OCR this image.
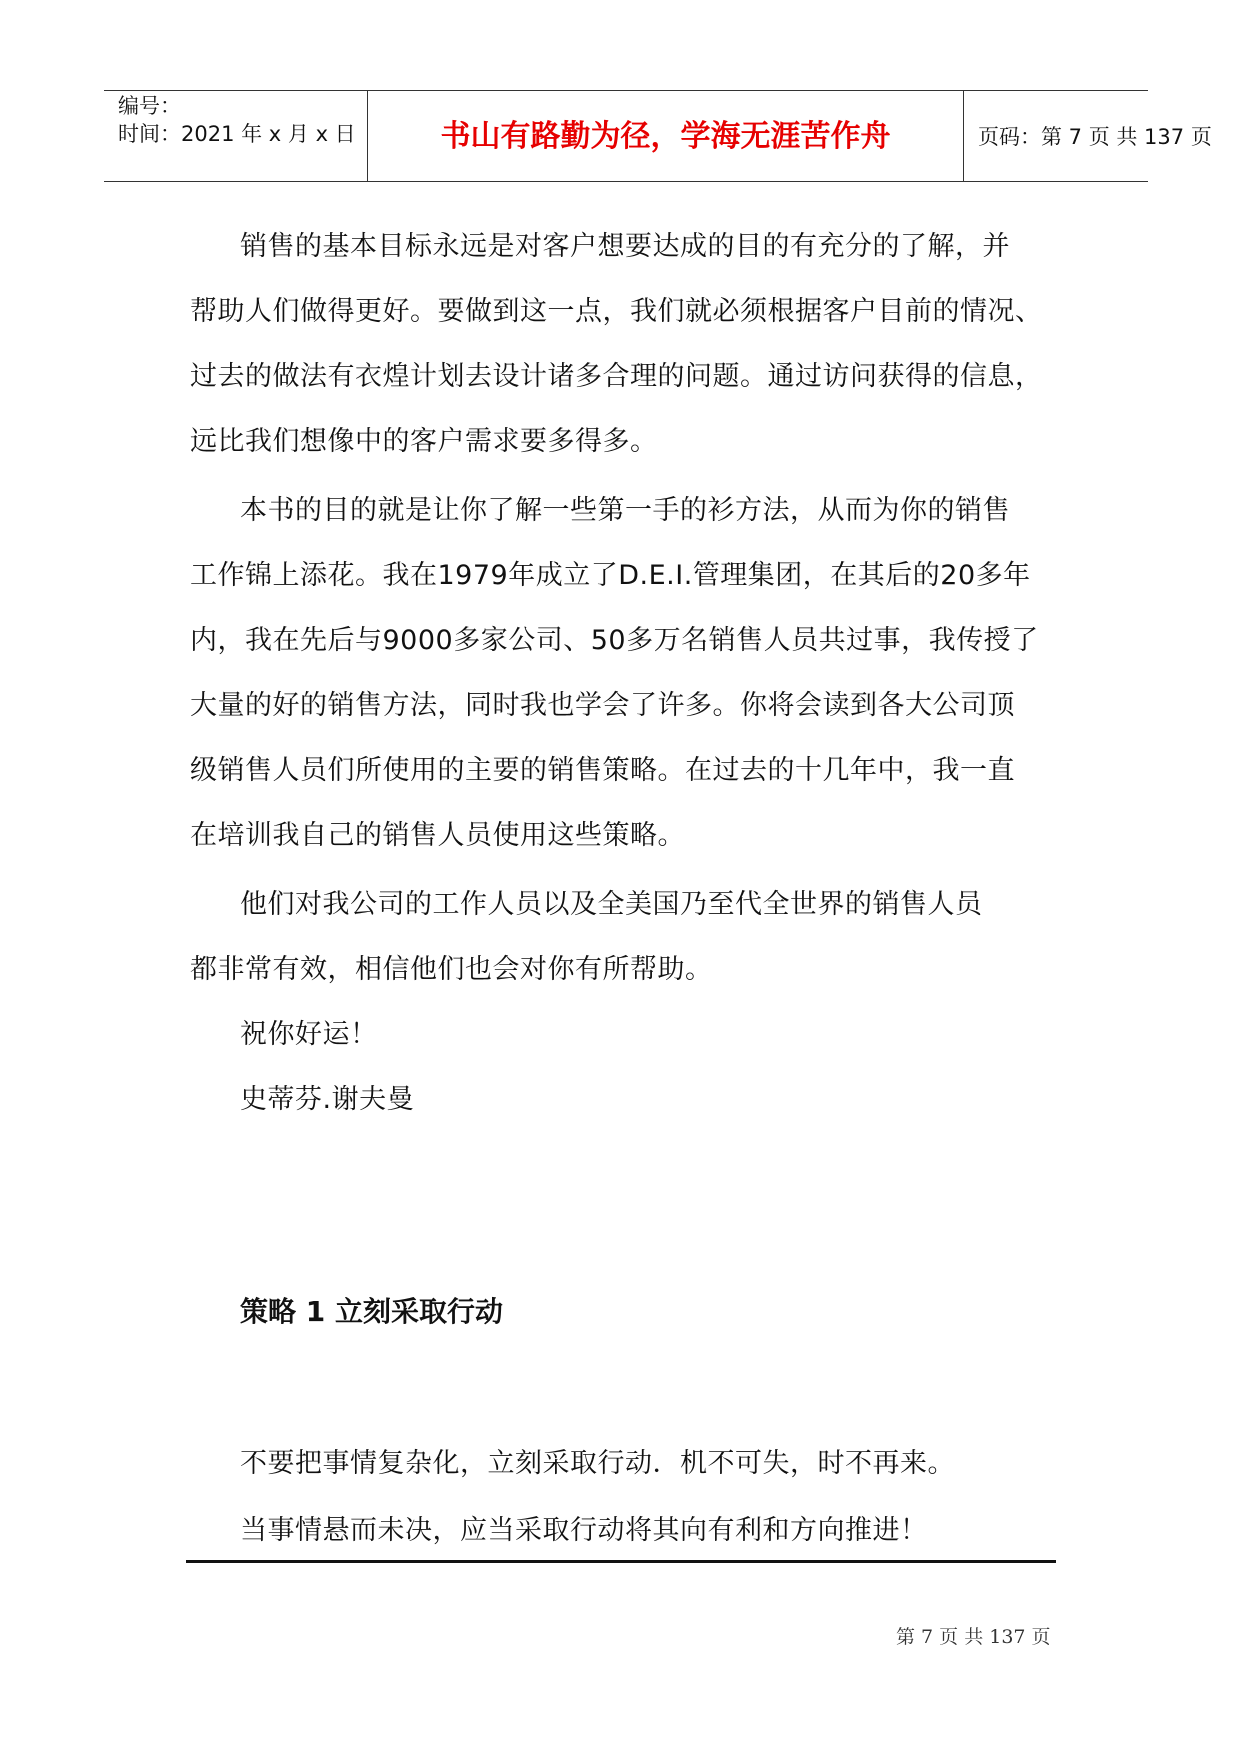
编号：
时间：2021 年 x 月 x 日	书山有路勤为径，学海无涯苦作舟	页码：第 7 页 共 137 页

销售的基本目标永远是对客户想要达成的目的有充分的了解，并

帮助人们做得更好。要做到这一点，我们就必须根据客户目前的情况、

过去的做法有衣煌计划去设计诸多合理的问题。通过访问获得的信息，

远比我们想像中的客户需求要多得多。

本书的目的就是让你了解一些第一手的衫方法，从而为你的销售

工作锦上添花。我在1979年成立了D.E.I.管理集团，在其后的20多年

内，我在先后与9000多家公司、50多万名销售人员共过事，我传授了

大量的好的销售方法，同时我也学会了许多。你将会读到各大公司顶

级销售人员们所使用的主要的销售策略。在过去的十几年中，我一直

在培训我自己的销售人员使用这些策略。

他们对我公司的工作人员以及全美国乃至代全世界的销售人员

都非常有效，相信他们也会对你有所帮助。

祝你好运！

史蒂芬.谢夫曼

策略 1 立刻采取行动

不要把事情复杂化，立刻采取行动．机不可失，时不再来。

当事情悬而未决，应当采取行动将其向有利和方向推进！

第 7 页 共 137 页
